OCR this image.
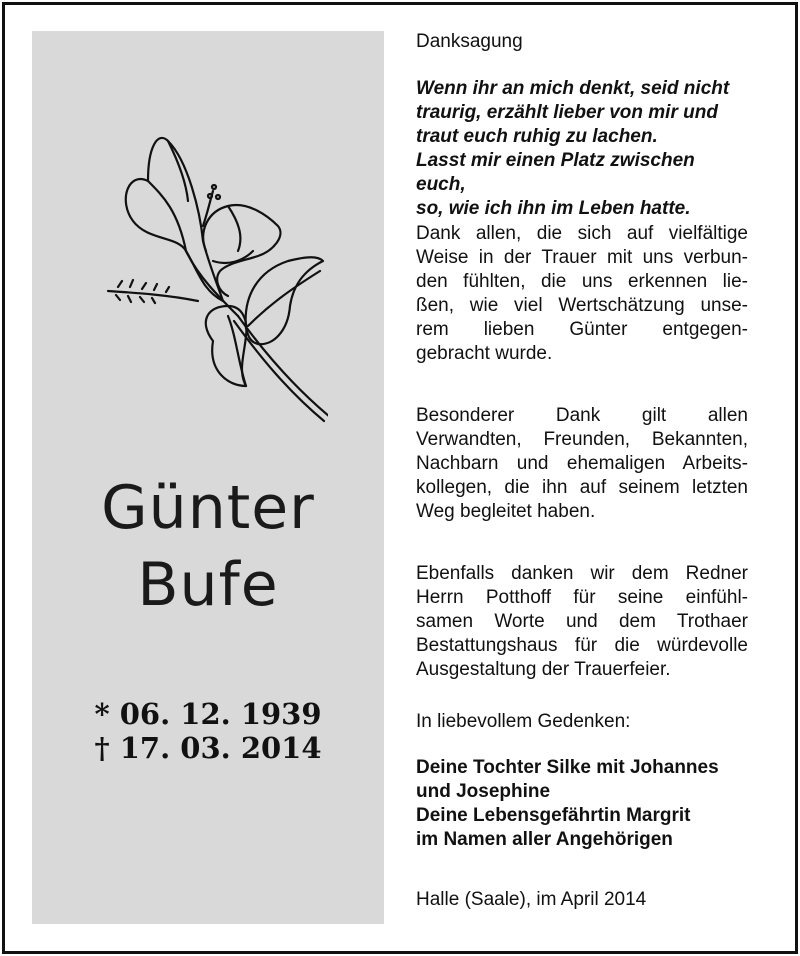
Günter
Bufe
* 06. 12. 1939
† 17. 03. 2014
Danksagung
Wenn ihr an mich denkt, seid nicht
traurig, erzählt lieber von mir und
traut euch ruhig zu lachen.
Lasst mir einen Platz zwischen euch,
so, wie ich ihn im Leben hatte.
Dank allen, die sich auf vielfältige
Weise in der Trauer mit uns verbun-
den fühlten, die uns erkennen lie-
ßen, wie viel Wertschätzung unse-
rem lieben Günter entgegen-
gebracht wurde.
Besonderer Dank gilt allen
Verwandten, Freunden, Bekannten,
Nachbarn und ehemaligen Arbeits-
kollegen, die ihn auf seinem letzten
Weg begleitet haben.
Ebenfalls danken wir dem Redner
Herrn Potthoff für seine einfühl-
samen Worte und dem Trothaer
Bestattungshaus für die würdevolle
Ausgestaltung der Trauerfeier.
In liebevollem Gedenken:
Deine Tochter Silke mit Johannes
und Josephine
Deine Lebensgefährtin Margrit
im Namen aller Angehörigen
Halle (Saale), im April 2014
